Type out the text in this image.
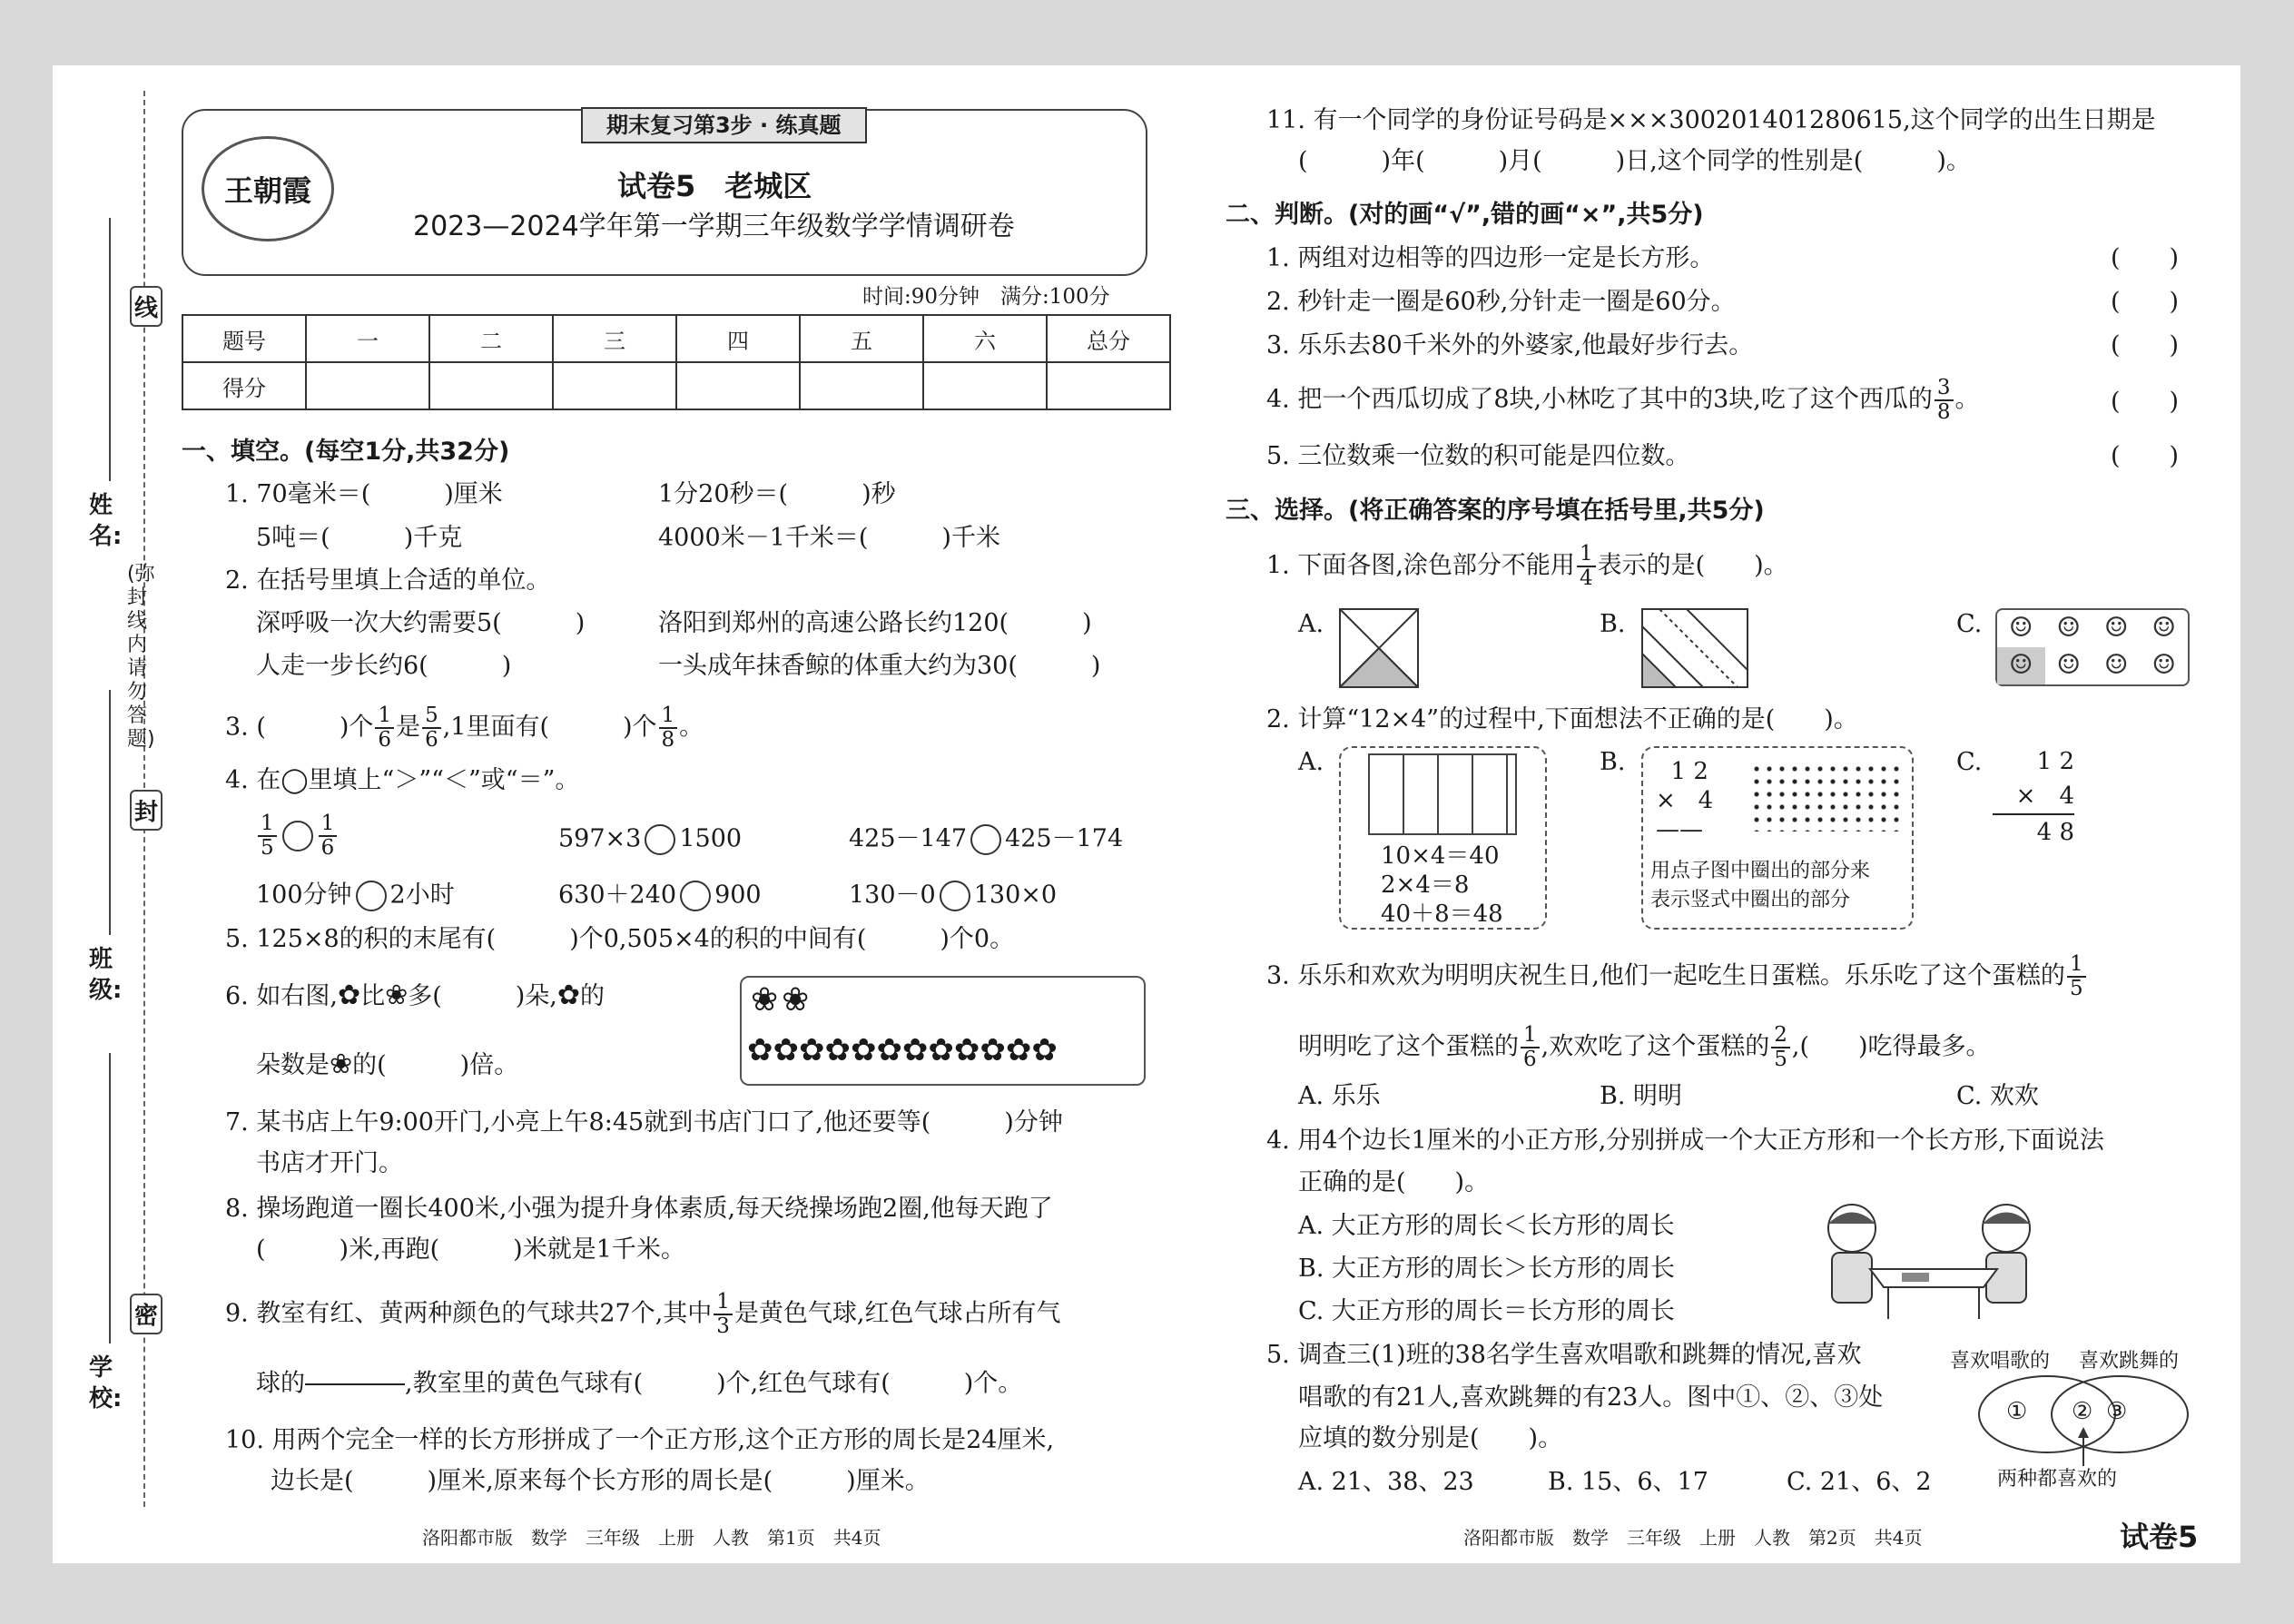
线
封
密
(弥封线内请勿答题)
姓名:
班级:
学校:
期末复习第3步 · 练真题
王朝霞	试卷5　老城区
2023—2024学年第一学期三年级数学学情调研卷
时间:90分钟　满分:100分
题号	一	二	三	四	五	六	总分
得分							
一、填空。(每空1分,共32分)
1. 70毫米＝(　　　)厘米	1分20秒＝(　　　)秒
5吨＝(　　　)千克	4000米－1千米＝(　　　)千米
2. 在括号里填上合适的单位。
深呼吸一次大约需要5(　　　)	洛阳到郑州的高速公路长约120(　　　)
人走一步长约6(　　　)	一头成年抹香鲸的体重大约为30(　　　)
3. (　　　)个 $\frac{1}{6}$ 是 $\frac{5}{6} ,1$里面有(　　　)个 $\frac{1}{8}$ 。
4. 在◯里填上“＞”“＜”或“＝”。
$\frac{1}{5} \frac{1}{6}$	597×3 1500	425－147 425－174
100分钟 2小时	630＋240 900	130－0 130×0
5. 125×8的积的末尾有(　　　)个0,505×4的积的中间有(　　　)个0。
6. 如右图,✿比❀多(　　　)朵,✿的
朵数是❀的(　　　)倍。
❀❀
✿✿✿✿✿✿✿✿✿✿✿✿
7. 某书店上午9:00开门,小亮上午8:45就到书店门口了,他还要等(　　　)分钟
书店才开门。
8. 操场跑道一圈长400米,小强为提升身体素质,每天绕操场跑2圈,他每天跑了
(　　　)米,再跑(　　　)米就是1千米。
9. 教室有红、黄两种颜色的气球共27个,其中 $\frac{1}{3}$ 是黄色气球,红色气球占所有气
球的	,教室里的黄色气球有(　　　)个,红色气球有(　　　)个。
10. 用两个完全一样的长方形拼成了一个正方形,这个正方形的周长是24厘米,
边长是(　　　)厘米,原来每个长方形的周长是(　　　)厘米。
11. 有一个同学的身份证号码是×××300201401280615,这个同学的出生日期是
(　　　)年(　　　)月(　　　)日,这个同学的性别是(　　　)。
二、判断。(对的画“√”,错的画“×”,共5分)
1. 两组对边相等的四边形一定是长方形。	(　　)
2. 秒针走一圈是60秒,分针走一圈是60分。	(　　)
3. 乐乐去80千米外的外婆家,他最好步行去。	(　　)
4. 把一个西瓜切成了8块,小林吃了其中的3块,吃了这个西瓜的 $\frac{3}{8}$ 。	(　　)
5. 三位数乘一位数的积可能是四位数。	(　　)
三、选择。(将正确答案的序号填在括号里,共5分)
1. 下面各图,涂色部分不能用 $\frac{1}{4}$ 表示的是(　　)。
A.	B.	C. ☺ ☺ ☺ ☺
☺ ☺ ☺ ☺
2. 计算“12×4”的过程中,下面想法不正确的是(　　)。
A.
10×4＝40
2×4＝8
40＋8＝48
B. 1 2
×   4
——
用点子图中圈出的部分来
表示竖式中圈出的部分
C.	1 2
×　4
4 8
3. 乐乐和欢欢为明明庆祝生日,他们一起吃生日蛋糕。乐乐吃了这个蛋糕的 $\frac{1}{5}$
明明吃了这个蛋糕的 $\frac{1}{6}$ ,欢欢吃了这个蛋糕的 $\frac{2}{5}$ ,(　　)吃得最多。
A. 乐乐	B. 明明	C. 欢欢
4. 用4个边长1厘米的小正方形,分别拼成一个大正方形和一个长方形,下面说法
正确的是(　　)。
A. 大正方形的周长＜长方形的周长
B. 大正方形的周长＞长方形的周长
C. 大正方形的周长＝长方形的周长
5. 调查三(1)班的38名学生喜欢唱歌和跳舞的情况,喜欢
唱歌的有21人,喜欢跳舞的有23人。图中①、②、③处
应填的数分别是(　　)。
A. 21、38、23	B. 15、6、17	C. 21、6、2
喜欢唱歌的 喜欢跳舞的
① ② ③
两种都喜欢的
洛阳都市版　数学　三年级　上册　人教　第1页　共4页	洛阳都市版　数学　三年级　上册　人教　第2页　共4页	试卷5
